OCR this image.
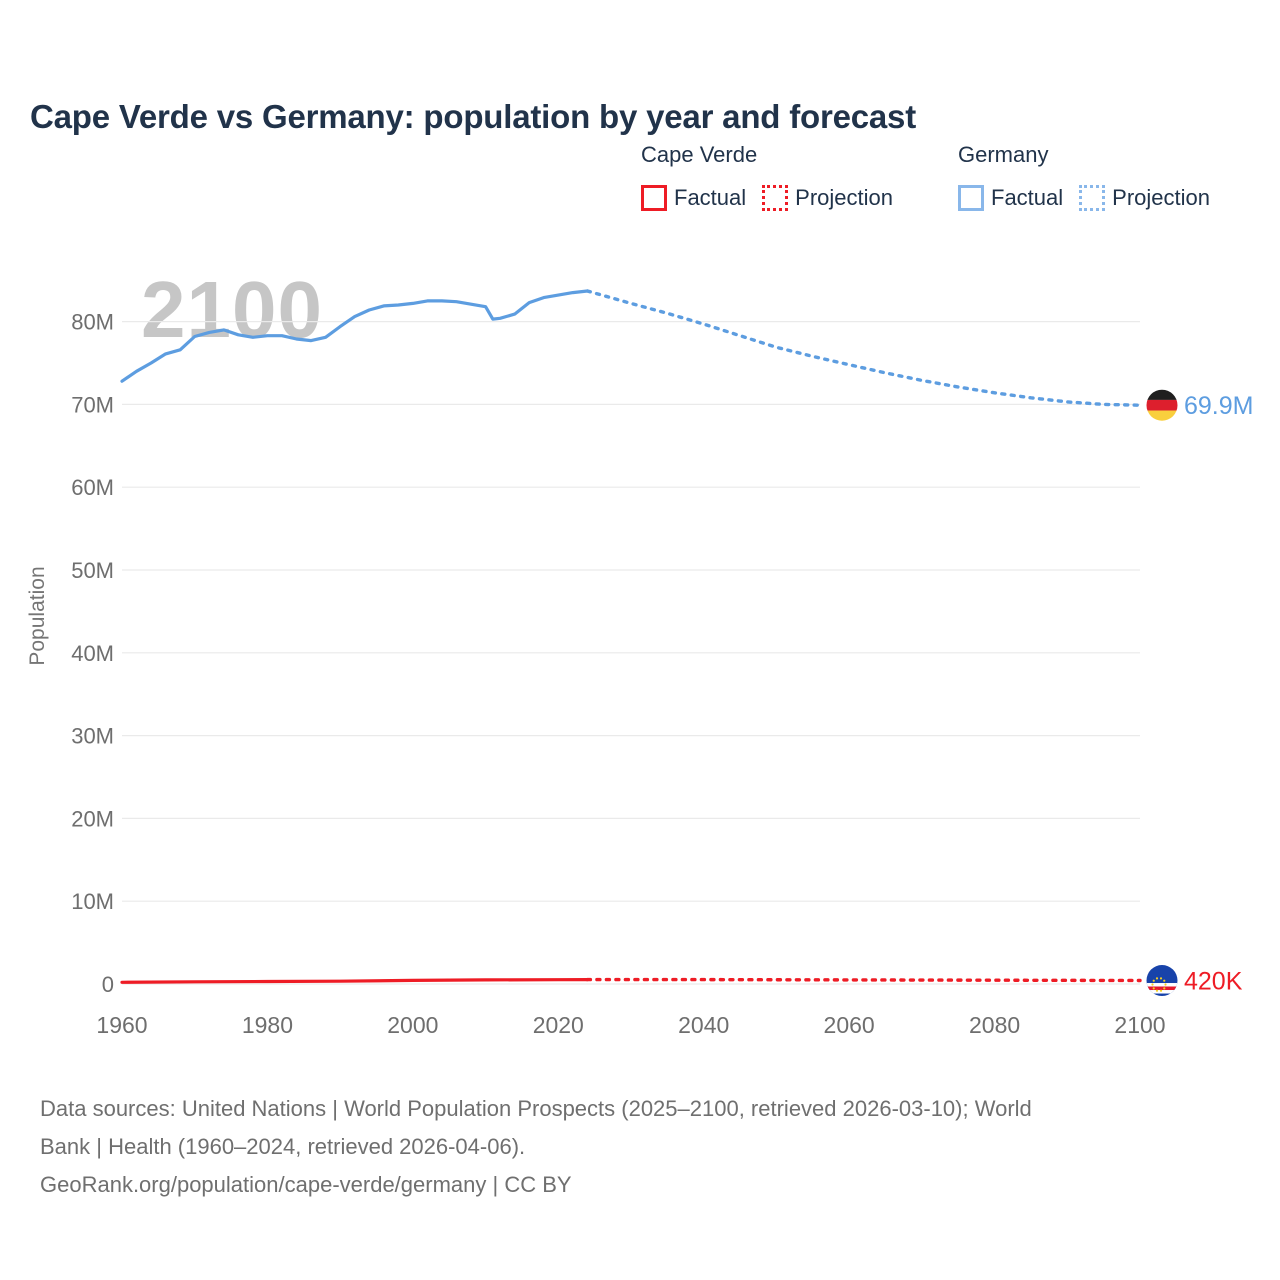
Cape Verde vs Germany: population by year and forecast
2100
Cape Verde
Factual Projection
Germany
Factual Projection
0
10M
20M
30M
40M
50M
60M
70M
80M
1960	1980	2000	2020	2040	2060	2080	2100
Population
69.9M
420K
Data sources: United Nations | World Population Prospects (2025–2100, retrieved 2026-03-10); World
Bank | Health (1960–2024, retrieved 2026-04-06).
GeoRank.org/population/cape-verde/germany | CC BY
